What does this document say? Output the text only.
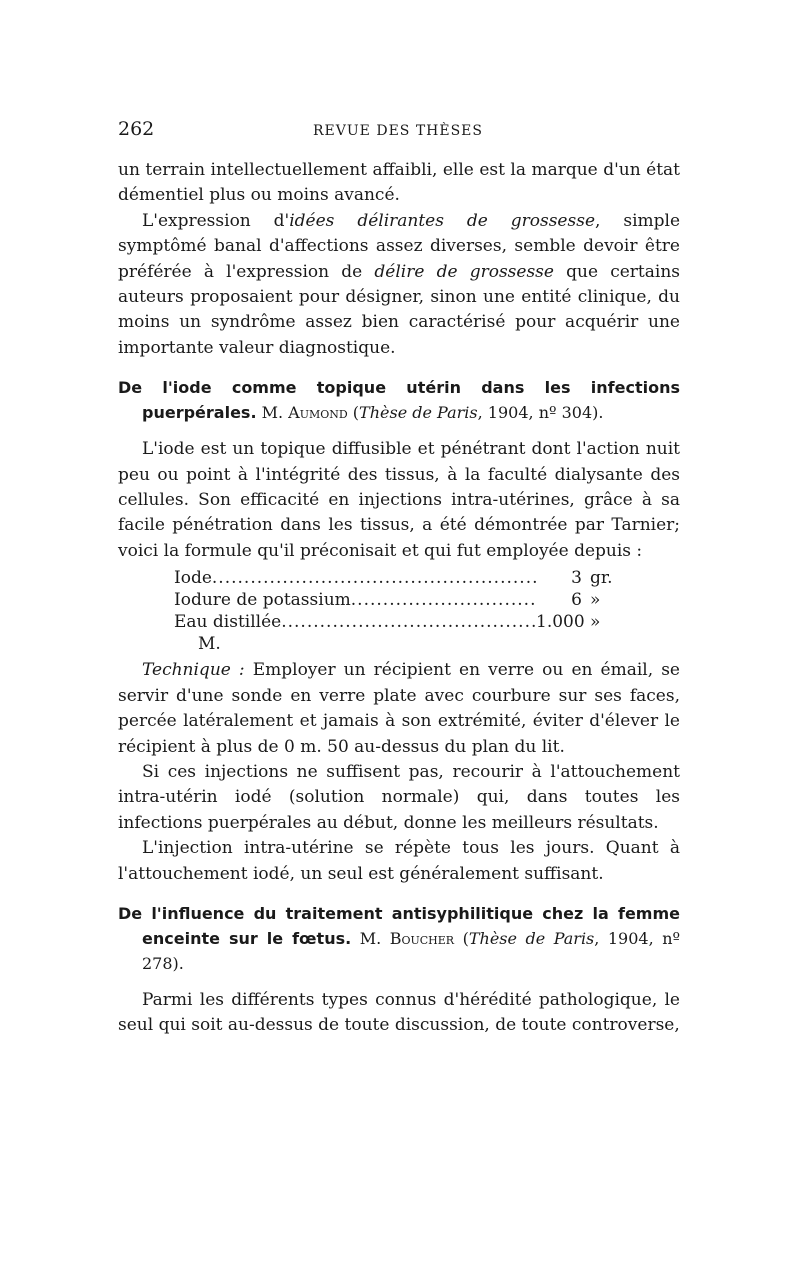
262	REVUE DES THÈSES

un terrain intellectuellement affaibli, elle est la marque d'un état démentiel plus ou moins avancé.

L'expression d'idées délirantes de grossesse, simple symptômé banal d'affections assez diverses, semble devoir être préférée à l'expression de délire de grossesse que certains auteurs proposaient pour désigner, sinon une entité clinique, du moins un syndrôme assez bien caractérisé pour acquérir une importante valeur diagnostique.

De l'iode comme topique utérin dans les infections puerpérales. M. Aumond (Thèse de Paris, 1904, nº 304).

L'iode est un topique diffusible et pénétrant dont l'action nuit peu ou point à l'intégrité des tissus, à la faculté dialysante des cellules. Son efficacité en injections intra-utérines, grâce à sa facile pénétration dans les tissus, a été démontrée par Tarnier; voici la formule qu'il préconisait et qui fut employée depuis :

Iode .....	3 gr.
Iodure de potassium .....	6 »
Eau distillée .....	1.000 »
M.

Technique : Employer un récipient en verre ou en émail, se servir d'une sonde en verre plate avec courbure sur ses faces, percée latéralement et jamais à son extrémité, éviter d'élever le récipient à plus de 0 m. 50 au-dessus du plan du lit.

Si ces injections ne suffisent pas, recourir à l'attouchement intra-utérin iodé (solution normale) qui, dans toutes les infections puerpérales au début, donne les meilleurs résultats.

L'injection intra-utérine se répète tous les jours. Quant à l'attouchement iodé, un seul est généralement suffisant.

De l'influence du traitement antisyphilitique chez la femme enceinte sur le fœtus. M. Boucher (Thèse de Paris, 1904, nº 278).

Parmi les différents types connus d'hérédité pathologique, le seul qui soit au-dessus de toute discussion, de toute controverse,
